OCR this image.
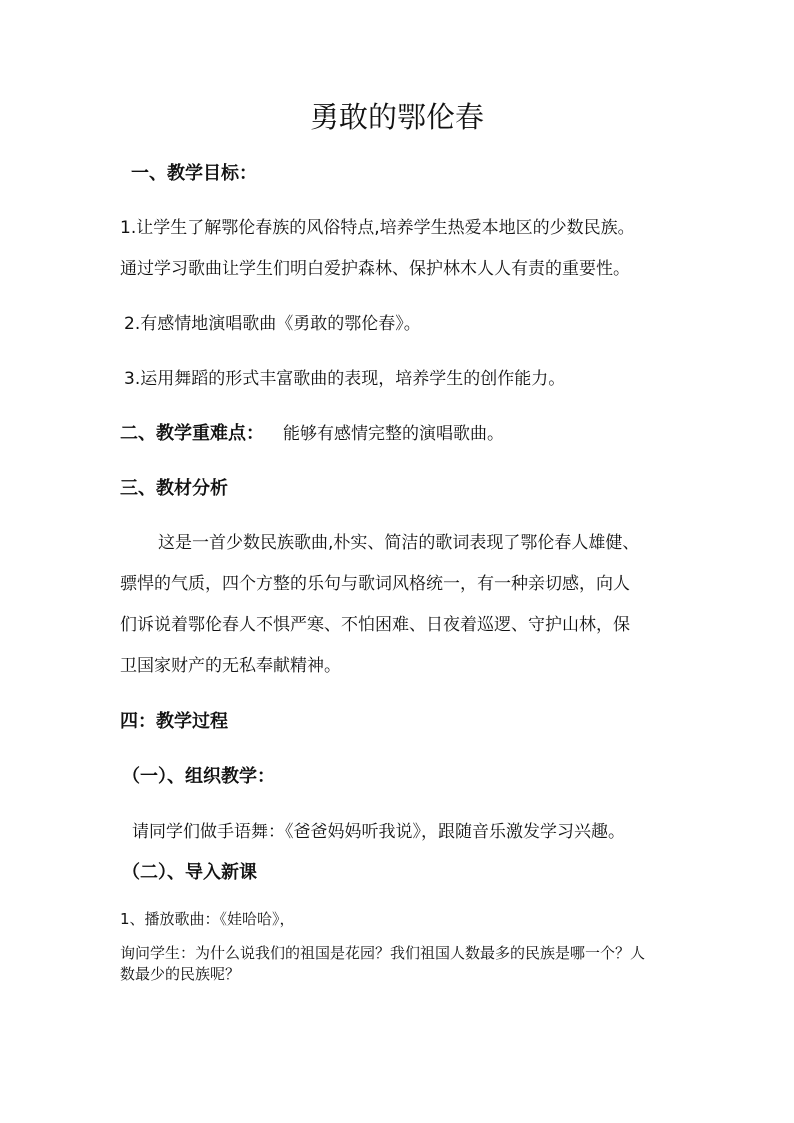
勇敢的鄂伦春
一、教学目标：
1.让学生了解鄂伦春族的风俗特点,培养学生热爱本地区的少数民族。
通过学习歌曲让学生们明白爱护森林、保护林木人人有责的重要性。
2.有感情地演唱歌曲《勇敢的鄂伦春》。
3.运用舞蹈的形式丰富歌曲的表现，培养学生的创作能力。
二、教学重难点： 能够有感情完整的演唱歌曲。
三、教材分析
这是一首少数民族歌曲,朴实、简洁的歌词表现了鄂伦春人雄健、
骠悍的气质，四个方整的乐句与歌词风格统一，有一种亲切感，向人
们诉说着鄂伦春人不惧严寒、不怕困难、日夜着巡逻、守护山林，保
卫国家财产的无私奉献精神。
四：教学过程
（一）、组织教学：
请同学们做手语舞：《爸爸妈妈听我说》，跟随音乐激发学习兴趣。
（二）、导入新课
1、播放歌曲：《娃哈哈》，
询问学生：为什么说我们的祖国是花园？我们祖国人数最多的民族是哪一个？人
数最少的民族呢？
